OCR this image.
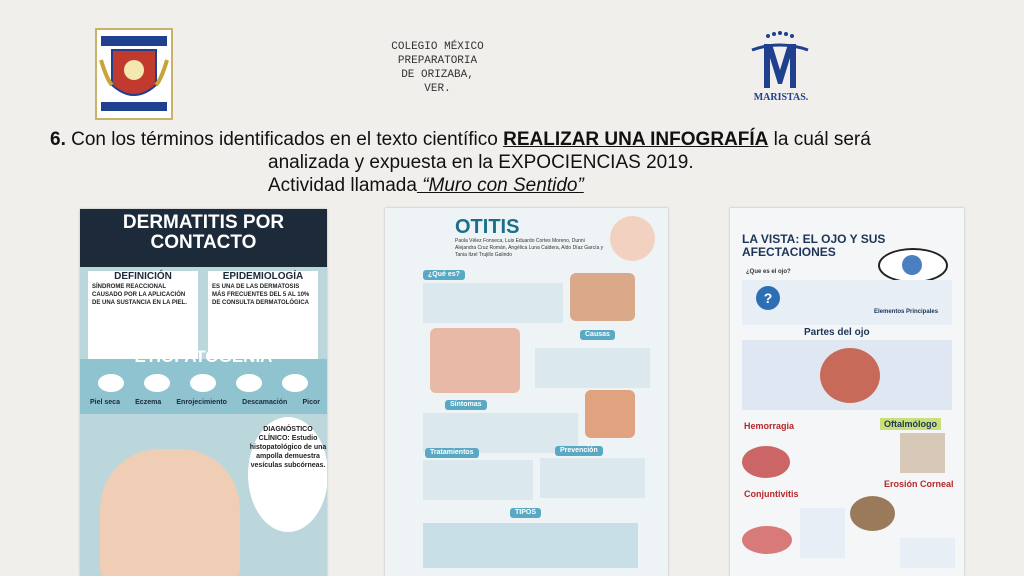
COLEGIO MÉXICO
PREPARATORIA
DE ORIZABA,
VER.
MARISTAS.
6. Con los términos identificados en el texto científico REALIZAR UNA INFOGRAFÍA la cuál será
analizada y expuesta en la EXPOCIENCIAS 2019.
Actividad llamada “Muro con Sentido”
DERMATITIS POR CONTACTO
DEFINICIÓN
SÍNDROME REACCIONAL CAUSADO POR LA APLICACIÓN DE UNA SUSTANCIA EN LA PIEL.
EPIDEMIOLOGÍA
ES UNA DE LAS DERMATOSIS MÁS FRECUENTES DEL 5 AL 10% DE CONSULTA DERMATOLÓGICA
ETIOPATOGENIA
Piel seca Eczema Enrojecimiento Descamación Picor
DIAGNÓSTICO CLÍNICO: Estudio histopatológico de una ampolla demuestra vesículas subcórneas.
OTITIS
Paola Vélez Fonseca, Luis Eduardo Cortes Moreno, Dunni Alejandra Cruz Román, Angélica Luna Caldera, Aldo Díaz García y Tania Itzel Trujillo Galindo
¿Qué es?
Causas
Síntomas
Tratamientos	Prevención
TIPOS
LA VISTA: EL OJO Y SUS AFECTACIONES
¿Que es el ojo?
?
Elementos Principales
Partes del ojo
Hemorragia	Oftalmólogo
Erosión Corneal
Conjuntivitis
